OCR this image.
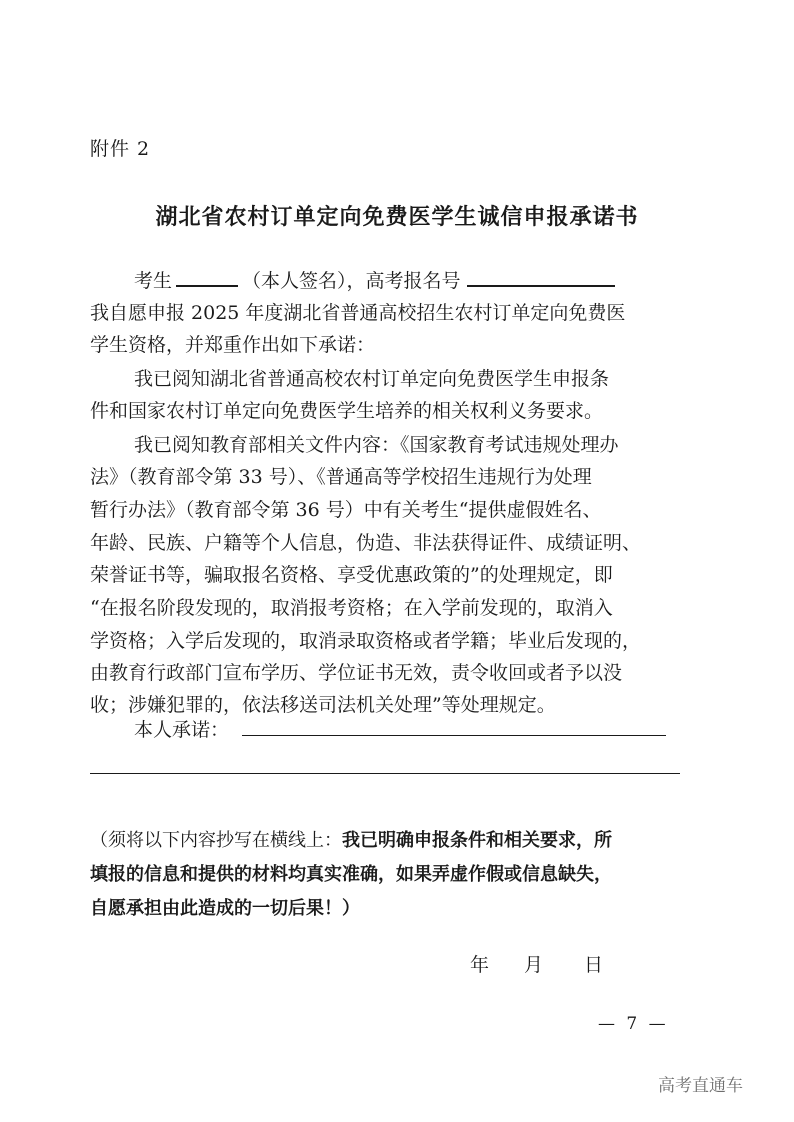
附件 2
湖北省农村订单定向免费医学生诚信申报承诺书
考生	（本人签名），高考报名号
我自愿申报 2025 年度湖北省普通高校招生农村订单定向免费医
学生资格，并郑重作出如下承诺：
我已阅知湖北省普通高校农村订单定向免费医学生申报条
件和国家农村订单定向免费医学生培养的相关权利义务要求。
我已阅知教育部相关文件内容：《国家教育考试违规处理办
法》（教育部令第 33 号）、《普通高等学校招生违规行为处理
暂行办法》（教育部令第 36 号）中有关考生“提供虚假姓名、
年龄、民族、户籍等个人信息，伪造、非法获得证件、成绩证明、
荣誉证书等，骗取报名资格、享受优惠政策的”的处理规定，即
“在报名阶段发现的，取消报考资格；在入学前发现的，取消入
学资格；入学后发现的，取消录取资格或者学籍；毕业后发现的，
由教育行政部门宣布学历、学位证书无效，责令收回或者予以没
收；涉嫌犯罪的，依法移送司法机关处理”等处理规定。
本人承诺：
（须将以下内容抄写在横线上：我已明确申报条件和相关要求，所
填报的信息和提供的材料均真实准确，如果弄虚作假或信息缺失，
自愿承担由此造成的一切后果！）
年 月 日
— 7 —
高考直通车
